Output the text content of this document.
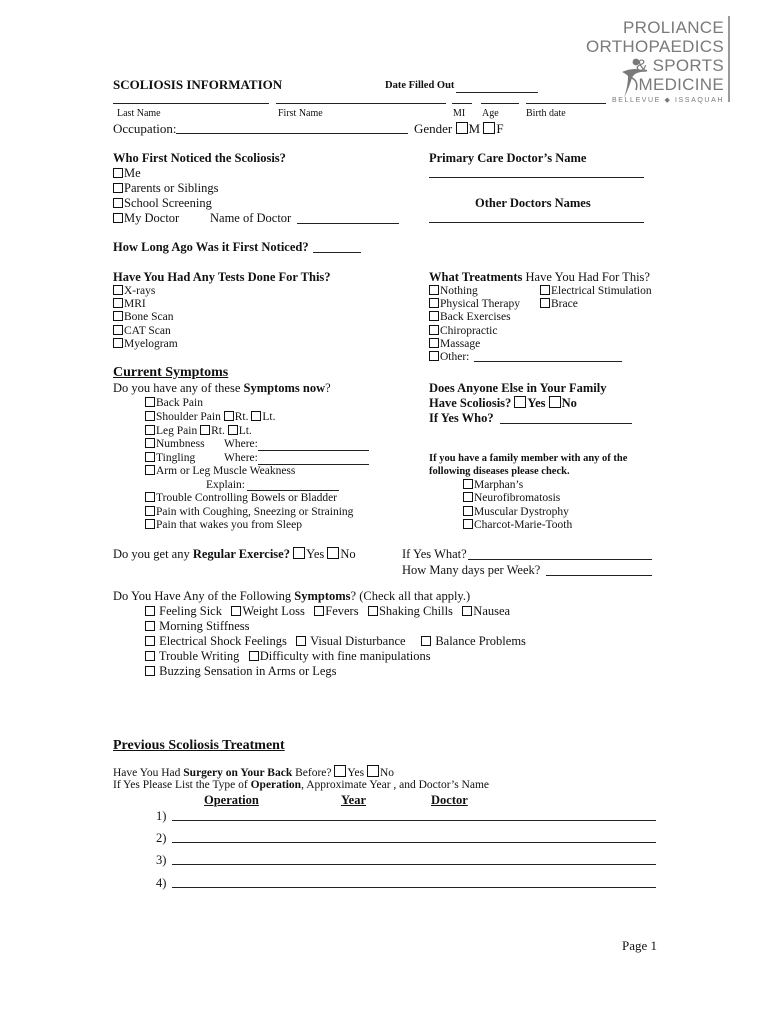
PROLIANCE
ORTHOPAEDICS
& SPORTS
MEDICINE
BELLEVUE ◆ ISSAQUAH
SCOLIOSIS INFORMATION	Date Filled Out
Last Name	First Name	MI Age	Birth date
Occupation:	Gender M F
Who First Noticed the Scoliosis?
Me
Parents or Siblings
School Screening
My Doctor Name of Doctor
Primary Care Doctor’s Name
Other Doctors Names
How Long Ago Was it First Noticed?
Have You Had Any Tests Done For This?
X-rays
MRI
Bone Scan
CAT Scan
Myelogram
What Treatments Have You Had For This?
Nothing
Physical Therapy
Back Exercises
Chiropractic
Massage
Other:
Electrical Stimulation
Brace
Current Symptoms
Do you have any of these Symptoms now?
Back Pain
Shoulder Pain Rt. Lt.
Leg Pain Rt. Lt.
Numbness Where:
Tingling	Where:
Arm or Leg Muscle Weakness
Explain:
Trouble Controlling Bowels or Bladder
Pain with Coughing, Sneezing or Straining
Pain that wakes you from Sleep
Does Anyone Else in Your Family
Have Scoliosis? Yes No
If Yes Who?
If you have a family member with any of the
following diseases please check.
Marphan’s
Neurofibromatosis
Muscular Dystrophy
Charcot-Marie-Tooth
Do you get any Regular Exercise? Yes No	If Yes What?
How Many days per Week?
Do You Have Any of the Following Symptoms? (Check all that apply.)
Feeling Sick Weight Loss Fevers Shaking Chills Nausea
Morning Stiffness
Electrical Shock Feelings Visual Disturbance Balance Problems
Trouble Writing Difficulty with fine manipulations
Buzzing Sensation in Arms or Legs
Previous Scoliosis Treatment
Have You Had Surgery on Your Back Before? Yes No
If Yes Please List the Type of Operation, Approximate Year , and Doctor’s Name
Operation	Year	Doctor
1)
2)
3)
4)
Page 1
